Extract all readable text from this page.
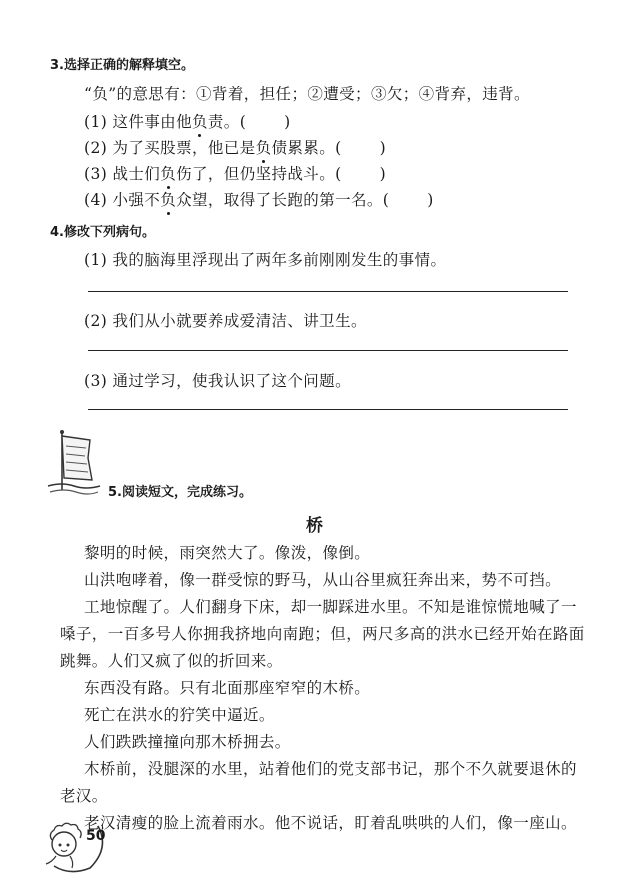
3.选择正确的解释填空。
“负”的意思有：①背着，担任；②遭受；③欠；④背弃，违背。
(1) 这件事由他负责。( )
(2) 为了买股票，他已是负债累累。( )
(3) 战士们负伤了，但仍坚持战斗。( )
(4) 小强不负众望，取得了长跑的第一名。( )
4.修改下列病句。
(1) 我的脑海里浮现出了两年多前刚刚发生的事情。
(2) 我们从小就要养成爱清洁、讲卫生。
(3) 通过学习，使我认识了这个问题。
5.阅读短文，完成练习。
桥
黎明的时候，雨突然大了。像泼，像倒。
山洪咆哮着，像一群受惊的野马，从山谷里疯狂奔出来，势不可挡。
工地惊醒了。人们翻身下床，却一脚踩进水里。不知是谁惊慌地喊了一
嗓子，一百多号人你拥我挤地向南跑；但，两尺多高的洪水已经开始在路面
跳舞。人们又疯了似的折回来。
东西没有路。只有北面那座窄窄的木桥。
死亡在洪水的狞笑中逼近。
人们跌跌撞撞向那木桥拥去。
木桥前，没腿深的水里，站着他们的党支部书记，那个不久就要退休的
老汉。
老汉清瘦的脸上流着雨水。他不说话，盯着乱哄哄的人们，像一座山。
50
